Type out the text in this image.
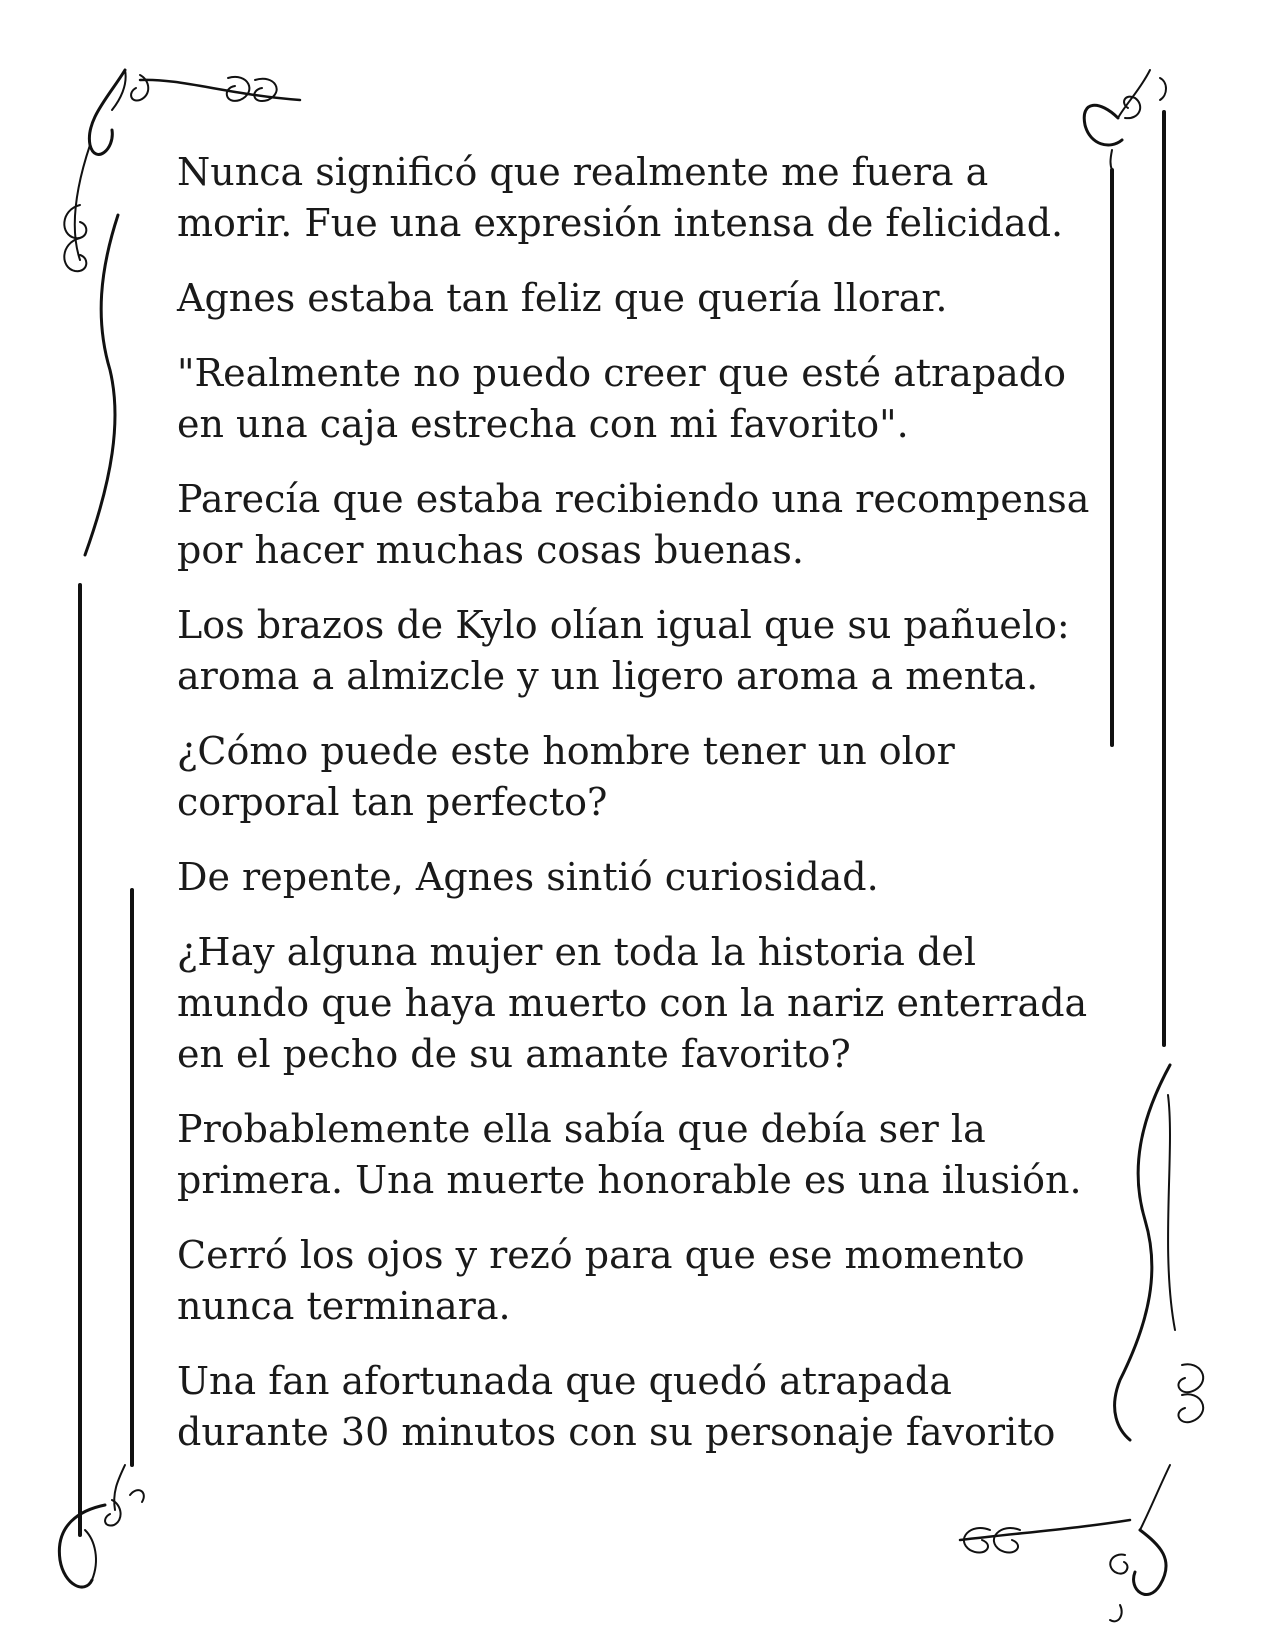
Nunca significó que realmente me fuera a
morir. Fue una expresión intensa de felicidad.

Agnes estaba tan feliz que quería llorar.

"Realmente no puedo creer que esté atrapado
en una caja estrecha con mi favorito".

Parecía que estaba recibiendo una recompensa
por hacer muchas cosas buenas.

Los brazos de Kylo olían igual que su pañuelo:
aroma a almizcle y un ligero aroma a menta.

¿Cómo puede este hombre tener un olor
corporal tan perfecto?

De repente, Agnes sintió curiosidad.

¿Hay alguna mujer en toda la historia del
mundo que haya muerto con la nariz enterrada
en el pecho de su amante favorito?

Probablemente ella sabía que debía ser la
primera. Una muerte honorable es una ilusión.

Cerró los ojos y rezó para que ese momento
nunca terminara.

Una fan afortunada que quedó atrapada
durante 30 minutos con su personaje favorito
